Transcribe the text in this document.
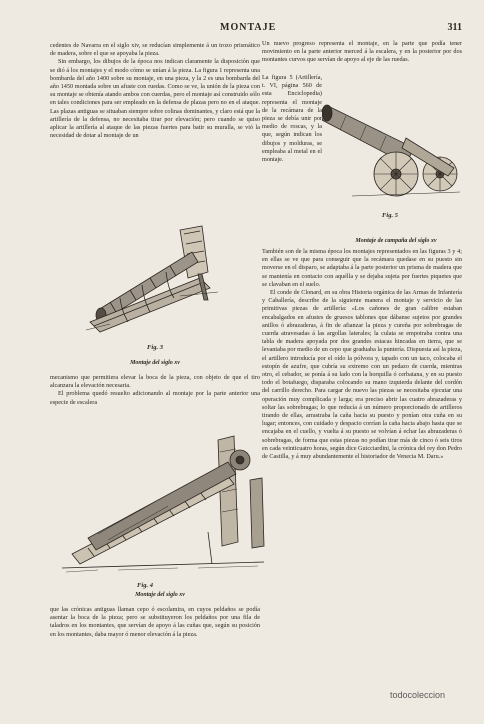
MONTAJE	311

cedentes de Navarra en el siglo xiv, se reducían simplemente á un trozo prismático de madera, sobre el que se apoyaba la pieza.

Sin embargo, los dibujos de la época nos indican claramente la disposición que se dió á los montajes y el modo cómo se unían á la pieza. La figura 1 representa una bombarda del año 1400 sobre su montaje, en una pieza, y la 2 es una bombarda del año 1450 montada sobre un afuste con ruedas. Como se ve, la unión de la pieza con su montaje se obtenía atando ambos con cuerdas, pero el montaje así construido sólo en tales condiciones para ser empleado en la defensa de plazas pero no en el ataque. Las plazas antiguas se situaban siempre sobre colinas dominantes, y claro está que la artillería de la defensa, no necesitaba tirar por elevación; pero cuando se quiso aplicar la artillería al ataque de las piezas fuertes para batir su muralla, se vió la necesidad de dotar al montaje de un

Fig. 3
Montaje del siglo xv

mecanismo que permitiera elevar la boca de la pieza, con objeto de que el tiro alcanzara la elevación necesaria.

El problema quedó resuelto adicionando al montaje por la parte anterior una especie de escalera

Fig. 4
Montaje del siglo xv

que las crónicas antiguas llaman cepo ó escolamira, en cuyos peldaños se podía asentar la boca de la pieza; pero se substituyeron los peldaños por una fila de taladros en los montantes, que servían de apoyo á las cuñas que, según su posición en los montantes, daba mayor ó menor elevación á la pieza.

Un nuevo progreso representa el montaje, en la parte que podía tener movimiento en la parte anterior merced á la escalera, y en la posterior por dos montantes curvos que servían de apoyo al eje de las ruedas.

La figura 5 (Artillería, t. VI, página 560 de esta Enciclopedia) representa el montaje de la recámara de la pieza se debía unir por medio de roscas, y la que, según indican los dibujos y molduras, se empleaba al metal en el montaje.

Fig. 5

También son de la misma época los montajes representados en las figuras 3 y 4; en ellas se ve que para conseguir que la recámara quedase en su puesto sin moverse en el disparo, se adaptaba á la parte posterior un prisma de madera que se mantenía en contacto con aquélla y se dejaba sujeta por fuertes piquetes que se clavaban en el suelo.

El conde de Clonard, en su obra Historia orgánica de las Armas de Infantería y Caballería, describe de la siguiente manera el montaje y servicio de las primitivas piezas de artillería: «Los cañones de gran calibre estaban encabalgados en afustes de gruesos tablones que dábanse sujetos por grandes anillos ó abrazaderas, á fin de afianzar la pieza y cureña por sobrebragas de cuerda atravesadas á las argollas laterales; la culata se empotraba contra una tabla de madera apoyada por dos grandes estacas hincadas en tierra, que se levantaba por medio de un cepo que graduaba la puntería. Dispuesta así la pieza, el artillero introducía por el oído la pólvora y, tapado con un taco, colocaba el estopín de azufre, que cubría su extremo con un pedazo de cuerda, mientras otro, el cebador, se ponía á su lado con la horquilla ó cerbatana, y en su puesto todo el botafuego, disparaba colocando su mano izquierda delante del cordón del carrillo derecho. Para cargar de nuevo las piezas se necesitaba ejecutar una operación muy complicada y larga; era preciso abrir las cuatro abrazaderas y soltar las sobrebragas; lo que reducía á un número proporcionado de artilleros tirando de ellas, arrastraba la caña hacia su puesto y ponían otra cuña en su lugar; entonces, con cuidado y despacio corrían la caña hacia abajo hasta que se encajaba en el cuello, y vuelta á su puesto se volvían á echar las abrazaderas ó sobrebragas, de forma que estas piezas no podían tirar más de cinco ó seis tiros en cada veinticuatro horas, según dice Guicciardini, la crónica del rey don Pedro de Castilla, y á muy abundantemente el historiador de Venecia M. Daru.»

Montaje de campaña del siglo xv
todocoleccion
